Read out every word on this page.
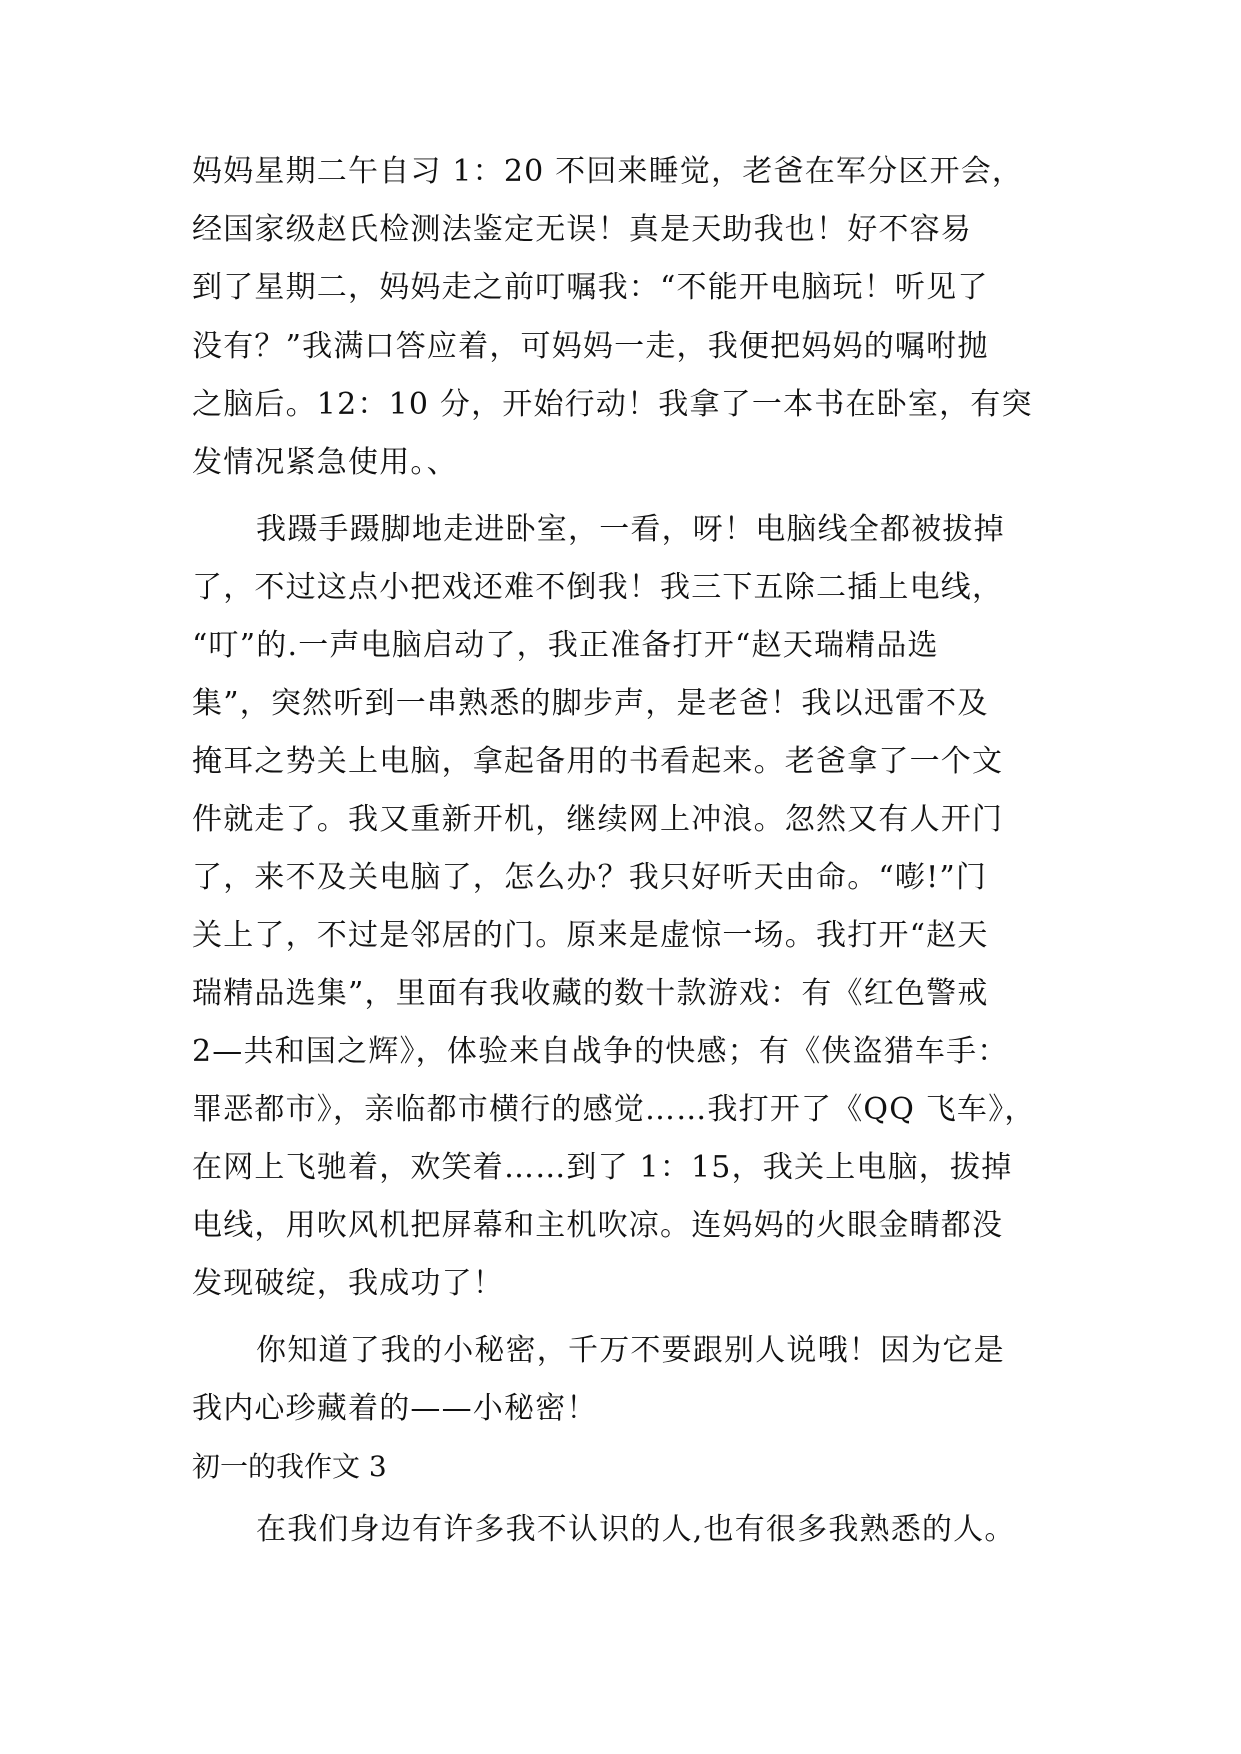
妈妈星期二午自习 1：20 不回来睡觉，老爸在军分区开会，
经国家级赵氏检测法鉴定无误！真是天助我也！好不容易
到了星期二，妈妈走之前叮嘱我：“不能开电脑玩！听见了
没有？”我满口答应着，可妈妈一走，我便把妈妈的嘱咐抛
之脑后。12：10 分，开始行动！我拿了一本书在卧室，有突
发情况紧急使用。、
我蹑手蹑脚地走进卧室，一看，呀！电脑线全都被拔掉
了，不过这点小把戏还难不倒我！我三下五除二插上电线，
“叮”的.一声电脑启动了，我正准备打开“赵天瑞精品选
集”，突然听到一串熟悉的脚步声，是老爸！我以迅雷不及
掩耳之势关上电脑，拿起备用的书看起来。老爸拿了一个文
件就走了。我又重新开机，继续网上冲浪。忽然又有人开门
了，来不及关电脑了，怎么办？我只好听天由命。“嘭!”门
关上了，不过是邻居的门。原来是虚惊一场。我打开“赵天
瑞精品选集”，里面有我收藏的数十款游戏：有《红色警戒
2—共和国之辉》，体验来自战争的快感；有《侠盗猎车手：
罪恶都市》，亲临都市横行的感觉……我打开了《QQ 飞车》，
在网上飞驰着，欢笑着……到了 1：15，我关上电脑，拔掉
电线，用吹风机把屏幕和主机吹凉。连妈妈的火眼金睛都没
发现破绽，我成功了！
你知道了我的小秘密，千万不要跟别人说哦！因为它是
我内心珍藏着的——小秘密！
初一的我作文 3
在我们身边有许多我不认识的人,也有很多我熟悉的人。
